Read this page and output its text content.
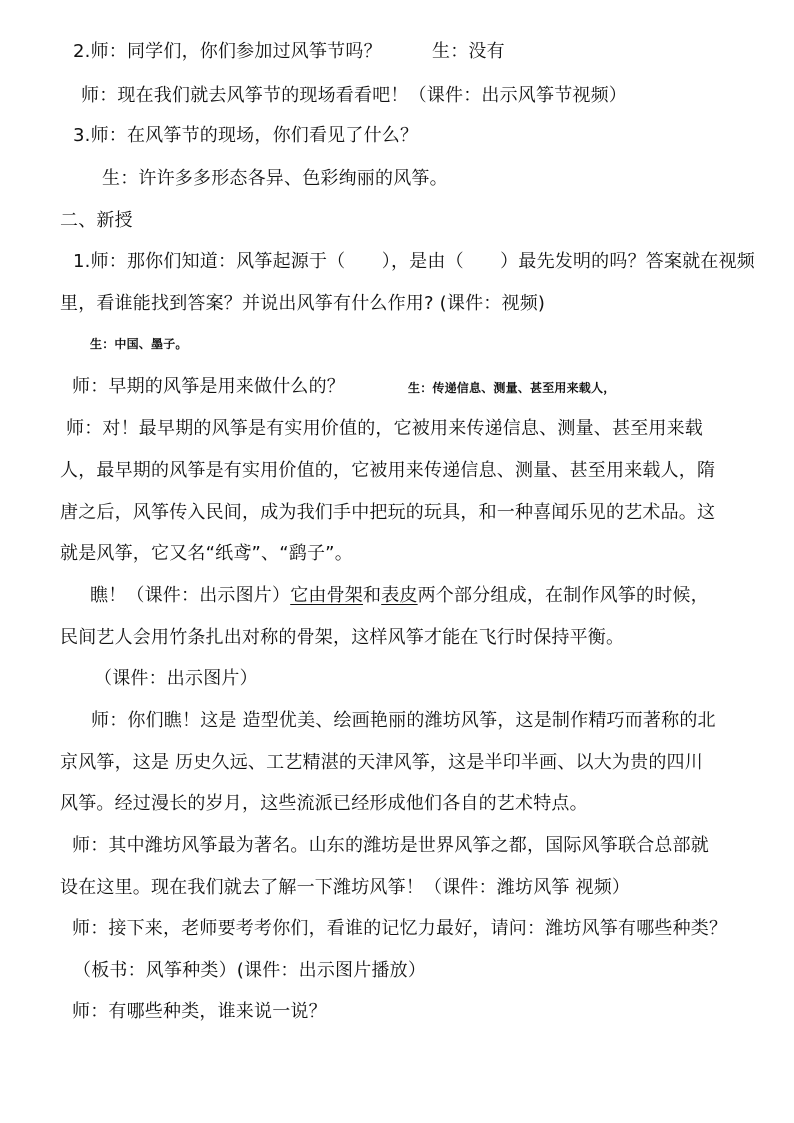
2.师：同学们，你们参加过风筝节吗？	生：没有
师：现在我们就去风筝节的现场看看吧！（课件：出示风筝节视频）
3.师：在风筝节的现场，你们看见了什么？
生：许许多多形态各异、色彩绚丽的风筝。
二、新授
1.师：那你们知道：风筝起源于（　　），是由（　　）最先发明的吗？答案就在视频
里，看谁能找到答案？并说出风筝有什么作用? (课件：视频)
生：中国、墨子。
师：早期的风筝是用来做什么的？	生：传递信息、测量、甚至用来载人，
师：对！最早期的风筝是有实用价值的，它被用来传递信息、测量、甚至用来载
人，最早期的风筝是有实用价值的，它被用来传递信息、测量、甚至用来载人，隋
唐之后，风筝传入民间，成为我们手中把玩的玩具，和一种喜闻乐见的艺术品。这
就是风筝，它又名“纸鸢”、“鹞子”。
瞧！（课件：出示图片）它由骨架和表皮两个部分组成，在制作风筝的时候，
民间艺人会用竹条扎出对称的骨架，这样风筝才能在飞行时保持平衡。
（课件：出示图片）
师：你们瞧！这是 造型优美、绘画艳丽的潍坊风筝，这是制作精巧而著称的北
京风筝，这是 历史久远、工艺精湛的天津风筝，这是半印半画、以大为贵的四川
风筝。经过漫长的岁月，这些流派已经形成他们各自的艺术特点。
师：其中潍坊风筝最为著名。山东的潍坊是世界风筝之都，国际风筝联合总部就
设在这里。现在我们就去了解一下潍坊风筝！（课件：潍坊风筝 视频）
师：接下来，老师要考考你们，看谁的记忆力最好，请问：潍坊风筝有哪些种类？
（板书：风筝种类）(课件：出示图片播放）
师：有哪些种类，谁来说一说？
